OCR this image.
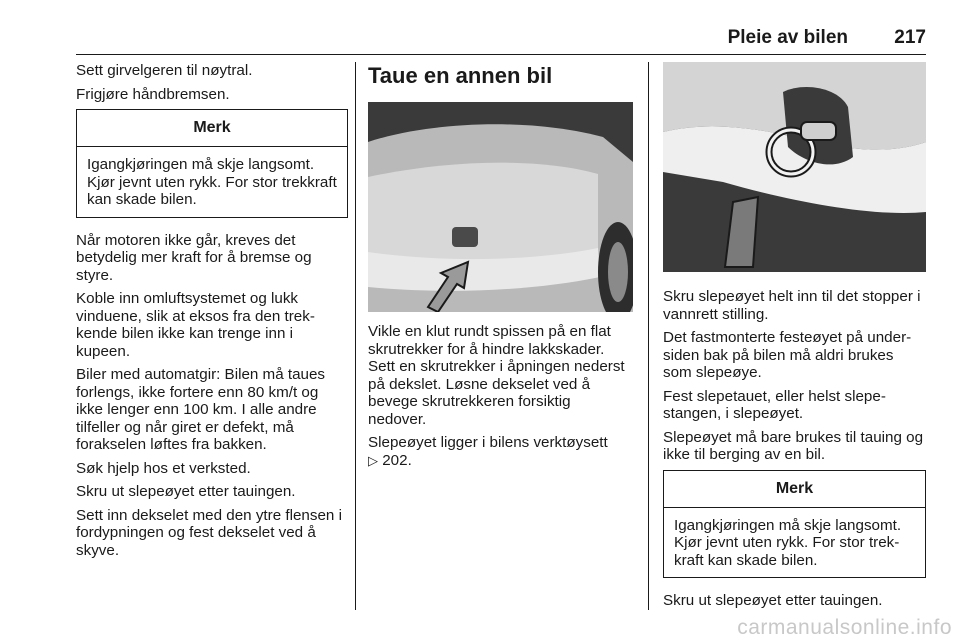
Pleie av bilen 217

Sett girvelgeren til nøytral.

Frigjøre håndbremsen.

Merk
Igangkjøringen må skje langsomt. Kjør jevnt uten rykk. For stor trekkraft kan skade bilen.

Når motoren ikke går, kreves det betydelig mer kraft for å bremse og styre.

Koble inn omluftsystemet og lukk vinduene, slik at eksos fra den trekkende bilen ikke kan trenge inn i kupeen.

Biler med automatgir: Bilen må taues forlengs, ikke fortere enn 80 km/t og ikke lenger enn 100 km. I alle andre tilfeller og når giret er defekt, må forakselen løftes fra bakken.

Søk hjelp hos et verksted.

Skru ut slepeøyet etter tauingen.

Sett inn dekselet med den ytre flensen i fordypningen og fest dekselet ved å skyve.

Taue en annen bil

Vikle en klut rundt spissen på en flat skrutrekker for å hindre lakkskader. Sett en skrutrekker i åpningen nederst på dekslet. Løsne dekselet ved å bevege skrutrekkeren forsiktig nedover.

Slepeøyet ligger i bilens verktøysett
▷ 202.

Skru slepeøyet helt inn til det stopper i vannrett stilling.

Det fastmonterte festeøyet på undersiden bak på bilen må aldri brukes som slepeøye.

Fest slepetauet, eller helst slepestangen, i slepeøyet.

Slepeøyet må bare brukes til tauing og ikke til berging av en bil.

Merk
Igangkjøringen må skje langsomt. Kjør jevnt uten rykk. For stor trekkraft kan skade bilen.

Skru ut slepeøyet etter tauingen.

carmanualsonline.info
